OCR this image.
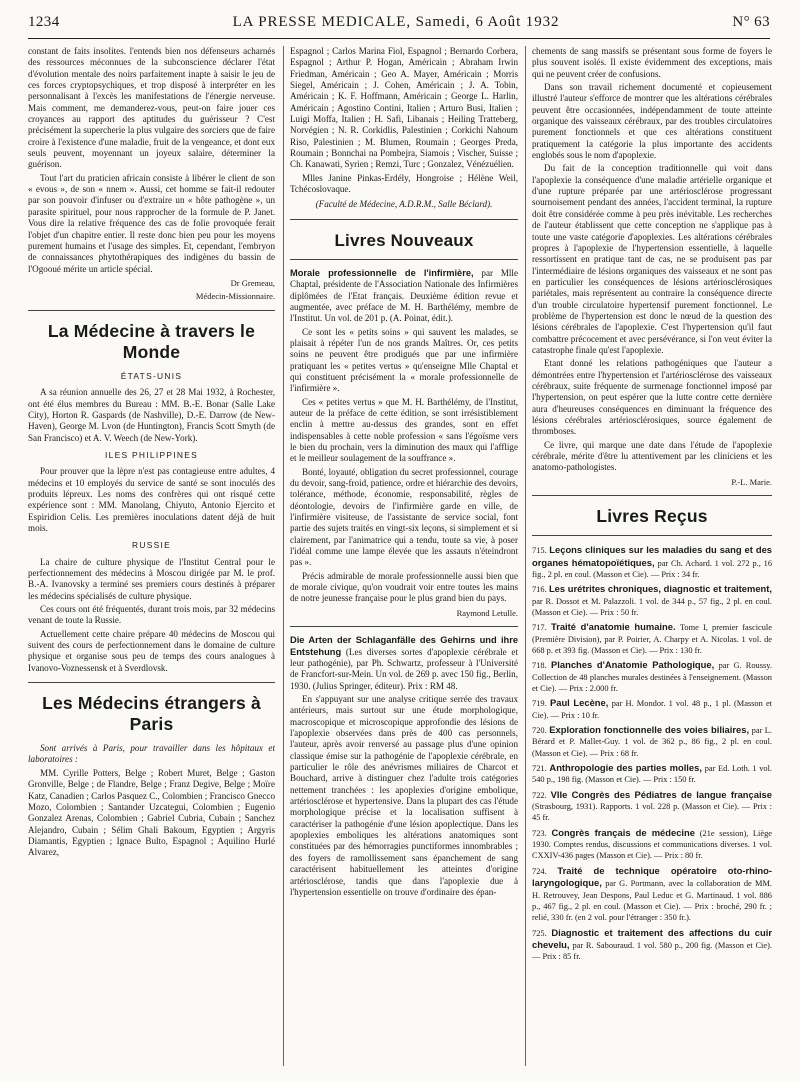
1234	LA PRESSE MEDICALE, Samedi, 6 Août 1932	N° 63

constant de faits insolites. l'entends bien nos défenseurs acharnés des ressources méconnues de la subconscience déclarer l'état d'évolution mentale des noirs parfaitement inapte à saisir le jeu de ces forces cryptopsychiques, et trop disposé à interpréter en les personnalisant à l'excès les manifestations de l'énergie nerveuse. Mais comment, me demanderez-vous, peut-on faire jouer ces croyances au rapport des aptitudes du guérisseur ? C'est précisément la supercherie la plus vulgaire des sorciers que de faire croire à l'existence d'une maladie, fruit de la vengeance, et dont eux seuls peuvent, moyennant un joyeux salaire, déterminer la guérison.

Tout l'art du praticien africain consiste à libérer le client de son « evous », de son « nnem ». Aussi, cet homme se fait-il redouter par son pouvoir d'infuser ou d'extraire un « hôte pathogène », un parasite spirituel, pour nous rapprocher de la formule de P. Janet. Vous dire la relative fréquence des cas de folie provoquée ferait l'objet d'un chapitre entier. Il reste donc bien peu pour les moyens purement humains et l'usage des simples. Et, cependant, l'embryon de connaissances phytothérapiques des indigènes du bassin de l'Ogooué mérite un article spécial.

Dr Gremeau,

Médecin-Missionnaire.

La Médecine à travers le Monde
ÉTATS-UNIS

A sa réunion annuelle des 26, 27 et 28 Mai 1932, à Rochester, ont été élus membres du Bureau : MM. B.-E. Bonar (Salle Lake City), Horton R. Gaspards (de Nashville), D.-E. Darrow (de New-Haven), George M. Lvon (de Huntington), Francis Scott Smyth (de San Francisco) et A. V. Weech (de New-York).

ILES PHILIPPINES

Pour prouver que la lèpre n'est pas contagieuse entre adultes, 4 médecins et 10 employés du service de santé se sont inoculés des produits lépreux. Les noms des confrères qui ont risqué cette expérience sont : MM. Manolang, Chiyuto, Antonio Ejercito et Espiridion Celis. Les premières inoculations datent déjà de huit mois.

RUSSIE

La chaire de culture physique de l'Institut Central pour le perfectionnement des médecins à Moscou dirigée par M. le prof. B.-A. Ivanovsky a terminé ses premiers cours destinés à préparer les médecins spécialisés de culture physique.

Ces cours ont été fréquentés, durant trois mois, par 32 médecins venant de toute la Russie.

Actuellement cette chaire prépare 40 médecins de Moscou qui suivent des cours de perfectionnement dans le domaine de culture physique et organise sous peu de temps des cours analogues à Ivanovo-Voznessensk et à Sverdlovsk.

Les Médecins étrangers à Paris

Sont arrivés à Paris, pour travailler dans les hôpitaux et laboratoires :

MM. Cyrille Potters, Belge ; Robert Muret, Belge ; Gaston Gronville, Belge ; de Flandre, Belge ; Franz Degive, Belge ; Moïre Katz, Canadien ; Carlos Pasquez C., Colombien ; Francisco Gnecco Mozo, Colombien ; Santander Uzcategui, Colombien ; Eugenio Gonzalez Arenas, Colombien ; Gabriel Cubria, Cubain ; Sanchez Alejandro, Cubain ; Sélim Ghali Bakoum, Egyptien ; Argyris Diamantis, Egyptien ; Ignace Bulto, Espagnol ; Aquilino Hurlé Alvarez,

Espagnol ; Carlos Marina Fiol, Espagnol ; Bernardo Corbera, Espagnol ; Arthur P. Hogan, Américain ; Abraham Irwin Friedman, Américain ; Geo A. Mayer, Américain ; Morris Siegel, Américain ; J. Cohen, Américain ; J. A. Tobin, Américain ; K. F. Hoffmann, Américain ; George L. Harlin, Américain ; Agostino Contini, Italien ; Arturo Busi, Italien ; Luigi Moffa, Italien ; H. Safi, Libanais ; Heiling Tratteberg, Norvégien ; N. R. Corkidlis, Palestinien ; Corkichi Nahoum Riso, Palestinien ; M. Blumen, Roumain ; Georges Preda, Roumain ; Bonnchai na Pombejra, Siamois ; Vischer, Suisse ; Ch. Kanawati, Syrien ; Remzi, Turc ; Gonzalez, Vénézuélien.

Mlles Janine Pinkas-Erdély, Hongroise ; Hélène Weil, Tchécoslovaque.

(Faculté de Médecine, A.D.R.M., Salle Béclard).

Livres Nouveaux

Morale professionnelle de l'infirmière, par Mlle Chaptal, présidente de l'Association Nationale des Infirmières diplômées de l'Etat français. Deuxième édition revue et augmentée, avec préface de M. H. Barthélémy, membre de l'Institut. Un vol. de 201 p. (A. Poinat, édit.).

Ce sont les « petits soins » qui sauvent les malades, se plaisait à répéter l'un de nos grands Maîtres. Or, ces petits soins ne peuvent être prodigués que par une infirmière pratiquant les « petites vertus » qu'enseigne Mlle Chaptal et qui constituent précisément la « morale professionnelle de l'infirmière ».

Ces « petites vertus » que M. H. Barthélémy, de l'Institut, auteur de la préface de cette édition, se sont irrésistiblement enclin à mettre au-dessus des grandes, sont en effet indispensables à cette noble profession « sans l'égoïsme vers le bien du prochain, vers la diminution des maux qui l'afflige et le meilleur soulagement de la souffrance ».

Bonté, loyauté, obligation du secret professionnel, courage du devoir, sang-froid, patience, ordre et hiérarchie des devoirs, tolérance, méthode, économie, responsabilité, règles de déontologie, devoirs de l'infirmière garde en ville, de l'infirmière visiteuse, de l'assistante de service social, font partie des sujets traités en vingt-six leçons, si simplement et si clairement, par l'animatrice qui a tendu, toute sa vie, à poser l'idéal comme une lampe élevée que les assauts n'éteindront pas ».

Précis admirable de morale professionnelle aussi bien que de morale civique, qu'on voudrait voir entre toutes les mains de notre jeunesse française pour le plus grand bien du pays.

Raymond Letulle.

Die Arten der Schlaganfälle des Gehirns und ihre Entstehung (Les diverses sortes d'apoplexie cérébrale et leur pathogénie), par Ph. Schwartz, professeur à l'Université de Francfort-sur-Mein. Un vol. de 269 p. avec 150 fig., Berlin, 1930. (Julius Springer, éditeur). Prix : RM 48.

En s'appuyant sur une analyse critique serrée des travaux antérieurs, mais surtout sur une étude morphologique, macroscopique et microscopique approfondie des lésions de l'apoplexie observées dans près de 400 cas personnels, l'auteur, après avoir renversé au passage plus d'une opinion classique émise sur la pathogénie de l'apoplexie cérébrale, en particulier le rôle des anévrismes miliaires de Charcot et Bouchard, arrive à distinguer chez l'adulte trois catégories nettement tranchées : les apoplexies d'origine embolique, artériosclérose et hypertensive. Dans la plupart des cas l'étude morphologique précise et la localisation suffisent à caractériser la pathogénie d'une lésion apoplectique. Dans les apoplexies emboliques les altérations anatomiques sont constituées par des hémorragies punctiformes innombrables ; des foyers de ramollissement sans épanchement de sang caractérisent habituellement les atteintes d'origine artériosclérose, tandis que dans l'apoplexie due à l'hypertension essentielle on trouve d'ordinaire des épan-

chements de sang massifs se présentant sous forme de foyers le plus souvent isolés. Il existe évidemment des exceptions, mais qui ne peuvent créer de confusions.

Dans son travail richement documenté et copieusement illustré l'auteur s'efforce de montrer que les altérations cérébrales peuvent être occasionnées, indépendamment de toute atteinte organique des vaisseaux cérébraux, par des troubles circulatoires purement fonctionnels et que ces altérations constituent pratiquement la catégorie la plus importante des accidents englobés sous le nom d'apoplexie.

Du fait de la conception traditionnelle qui voit dans l'apoplexie la conséquence d'une maladie artérielle organique et d'une rupture préparée par une artériosclérose progressant sournoisement pendant des années, l'accident terminal, la rupture doit être considérée comme à peu près inévitable. Les recherches de l'auteur établissent que cette conception ne s'applique pas à toute une vaste catégorie d'apoplexies. Les altérations cérébrales propres à l'apoplexie de l'hypertension essentielle, à laquelle ressortissent en pratique tant de cas, ne se produisent pas par l'intermédiaire de lésions organiques des vaisseaux et ne sont pas en particulier les conséquences de lésions artériosclérosiques pariétales, mais représentent au contraire la conséquence directe d'un trouble circulatoire hypertensif purement fonctionnel. Le problème de l'hypertension est donc le nœud de la question des lésions cérébrales de l'apoplexie. C'est l'hypertension qu'il faut combattre précocement et avec persévérance, si l'on veut éviter la catastrophe finale qu'est l'apoplexie.

Etant donné les relations pathogéniques que l'auteur a démontrées entre l'hypertension et l'artériosclérose des vaisseaux cérébraux, suite fréquente de surmenage fonctionnel imposé par l'hypertension, on peut espérer que la lutte contre cette dernière aura d'heureuses conséquences en diminuant la fréquence des lésions cérébrales artériosclérosiques, source également de thromboses.

Ce livre, qui marque une date dans l'étude de l'apoplexie cérébrale, mérite d'être lu attentivement par les cliniciens et les anatomo-pathologistes.

P.-L. Marie.

Livres Reçus

715. Leçons cliniques sur les maladies du sang et des organes hématopoïétiques, par Ch. Achard. 1 vol. 272 p., 16 fig., 2 pl. en coul. (Masson et Cie). — Prix : 34 fr.

716. Les urétrites chroniques, diagnostic et traitement, par R. Dossot et M. Palazzoli. 1 vol. de 344 p., 57 fig., 2 pl. en coul. (Masson et Cie). — Prix : 50 fr.

717. Traité d'anatomie humaine. Tome I, premier fascicule (Première Division), par P. Poirier, A. Charpy et A. Nicolas. 1 vol. de 668 p. et 393 fig. (Masson et Cie). — Prix : 130 fr.

718. Planches d'Anatomie Pathologique, par G. Roussy. Collection de 48 planches murales destinées à l'enseignement. (Masson et Cie). — Prix : 2.000 fr.

719. Paul Lecène, par H. Mondor. 1 vol. 48 p., 1 pl. (Masson et Cie). — Prix : 10 fr.

720. Exploration fonctionnelle des voies biliaires, par L. Bérard et P. Mallet-Guy. 1 vol. de 362 p., 86 fig., 2 pl. en coul. (Masson et Cie). — Prix : 68 fr.

721. Anthropologie des parties molles, par Ed. Loth. 1 vol. 540 p., 198 fig. (Masson et Cie). — Prix : 150 fr.

722. VIIe Congrès des Pédiatres de langue française (Strasbourg, 1931). Rapports. 1 vol. 228 p. (Masson et Cie). — Prix : 45 fr.

723. Congrès français de médecine (21e session), Liège 1930. Comptes rendus, discussions et communications diverses. 1 vol. CXXIV-436 pages (Masson et Cie). — Prix : 80 fr.

724. Traité de technique opératoire oto-rhino-laryngologique, par G. Portmann, avec la collaboration de MM. H. Retrouvey, Jean Despons, Paul Leduc et G. Martinaud. 1 vol. 886 p., 467 fig., 2 pl. en coul. (Masson et Cie). — Prix : broché, 290 fr. ; relié, 330 fr. (en 2 vol. pour l'étranger : 350 fr.).

725. Diagnostic et traitement des affections du cuir chevelu, par R. Sabouraud. 1 vol. 580 p., 200 fig. (Masson et Cie). — Prix : 85 fr.
